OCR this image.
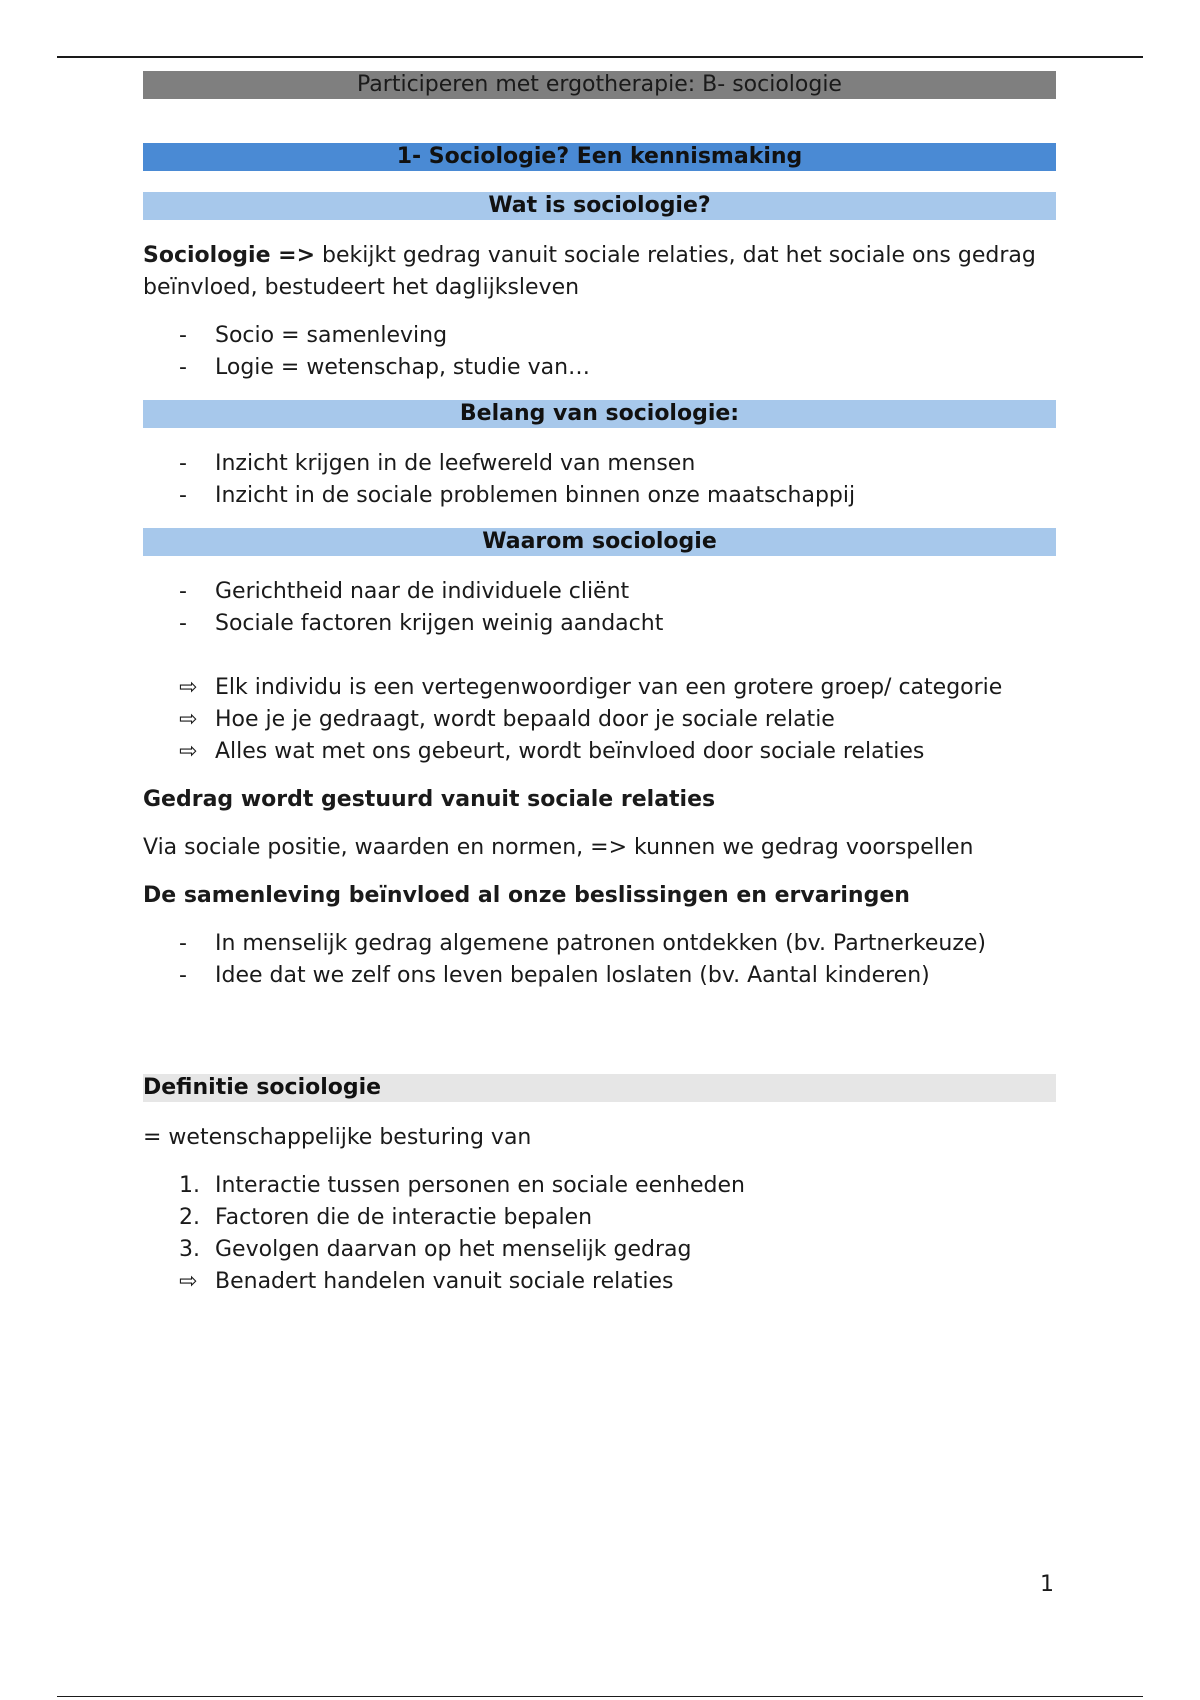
Participeren met ergotherapie: B- sociologie
1- Sociologie? Een kennismaking
Wat is sociologie?

Sociologie => bekijkt gedrag vanuit sociale relaties, dat het sociale ons gedrag beïnvloed, bestudeert het daglijksleven

- Socio = samenleving
- Logie = wetenschap, studie van…
Belang van sociologie:
- Inzicht krijgen in de leefwereld van mensen
- Inzicht in de sociale problemen binnen onze maatschappij
Waarom sociologie
- Gerichtheid naar de individuele cliënt
- Sociale factoren krijgen weinig aandacht
⇨ Elk individu is een vertegenwoordiger van een grotere groep/ categorie
⇨ Hoe je je gedraagt, wordt bepaald door je sociale relatie
⇨ Alles wat met ons gebeurt, wordt beïnvloed door sociale relaties

Gedrag wordt gestuurd vanuit sociale relaties

Via sociale positie, waarden en normen, => kunnen we gedrag voorspellen

De samenleving beïnvloed al onze beslissingen en ervaringen

- In menselijk gedrag algemene patronen ontdekken (bv. Partnerkeuze)
- Idee dat we zelf ons leven bepalen loslaten (bv. Aantal kinderen)
Definitie sociologie

= wetenschappelijke besturing van

1. Interactie tussen personen en sociale eenheden
2. Factoren die de interactie bepalen
3. Gevolgen daarvan op het menselijk gedrag
⇨ Benadert handelen vanuit sociale relaties
1
